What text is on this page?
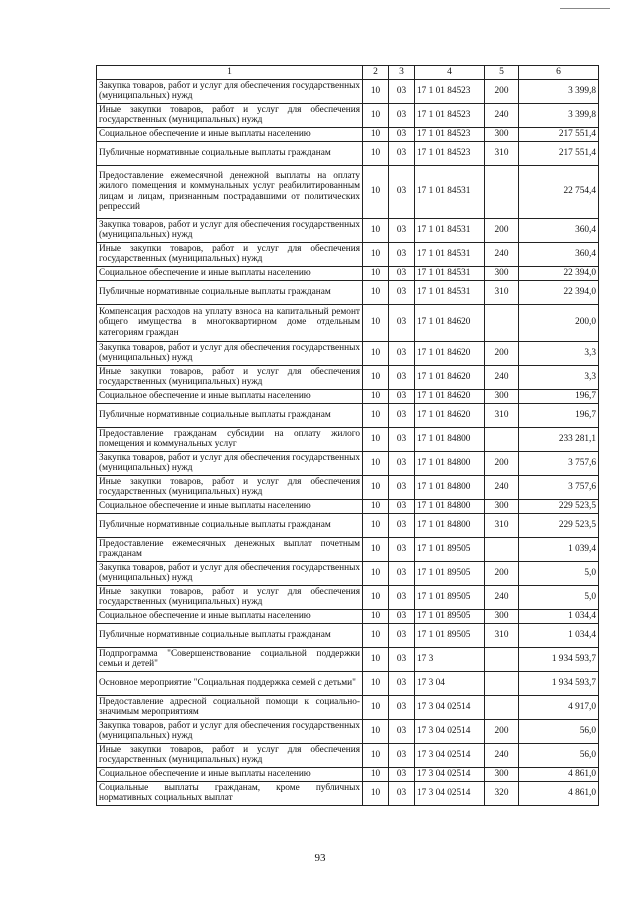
1	2	3	4	5	6
Закупка товаров, работ и услуг для обеспечения государственных (муниципальных) нужд	10	03	17 1 01 84523	200	3 399,8
Иные закупки товаров, работ и услуг для обеспечения государственных (муниципальных) нужд	10	03	17 1 01 84523	240	3 399,8
Социальное обеспечение и иные выплаты населению	10	03	17 1 01 84523	300	217 551,4
Публичные нормативные социальные выплаты гражданам	10	03	17 1 01 84523	310	217 551,4
Предоставление ежемесячной денежной выплаты на оплату жилого помещения и коммунальных услуг реабилитированным лицам и лицам, признанным пострадавшими от политических репрессий	10	03	17 1 01 84531		22 754,4
Закупка товаров, работ и услуг для обеспечения государственных (муниципальных) нужд	10	03	17 1 01 84531	200	360,4
Иные закупки товаров, работ и услуг для обеспечения государственных (муниципальных) нужд	10	03	17 1 01 84531	240	360,4
Социальное обеспечение и иные выплаты населению	10	03	17 1 01 84531	300	22 394,0
Публичные нормативные социальные выплаты гражданам	10	03	17 1 01 84531	310	22 394,0
Компенсация расходов на уплату взноса на капитальный ремонт общего имущества в многоквартирном доме отдельным категориям граждан	10	03	17 1 01 84620		200,0
Закупка товаров, работ и услуг для обеспечения государственных (муниципальных) нужд	10	03	17 1 01 84620	200	3,3
Иные закупки товаров, работ и услуг для обеспечения государственных (муниципальных) нужд	10	03	17 1 01 84620	240	3,3
Социальное обеспечение и иные выплаты населению	10	03	17 1 01 84620	300	196,7
Публичные нормативные социальные выплаты гражданам	10	03	17 1 01 84620	310	196,7
Предоставление гражданам субсидии на оплату жилого помещения и коммунальных услуг	10	03	17 1 01 84800		233 281,1
Закупка товаров, работ и услуг для обеспечения государственных (муниципальных) нужд	10	03	17 1 01 84800	200	3 757,6
Иные закупки товаров, работ и услуг для обеспечения государственных (муниципальных) нужд	10	03	17 1 01 84800	240	3 757,6
Социальное обеспечение и иные выплаты населению	10	03	17 1 01 84800	300	229 523,5
Публичные нормативные социальные выплаты гражданам	10	03	17 1 01 84800	310	229 523,5
Предоставление ежемесячных денежных выплат почетным гражданам	10	03	17 1 01 89505		1 039,4
Закупка товаров, работ и услуг для обеспечения государственных (муниципальных) нужд	10	03	17 1 01 89505	200	5,0
Иные закупки товаров, работ и услуг для обеспечения государственных (муниципальных) нужд	10	03	17 1 01 89505	240	5,0
Социальное обеспечение и иные выплаты населению	10	03	17 1 01 89505	300	1 034,4
Публичные нормативные социальные выплаты гражданам	10	03	17 1 01 89505	310	1 034,4
Подпрограмма "Совершенствование социальной поддержки семьи и детей"	10	03	17 3		1 934 593,7
Основное мероприятие "Социальная поддержка семей с детьми"	10	03	17 3 04		1 934 593,7
Предоставление адресной социальной помощи к социально-значимым мероприятиям	10	03	17 3 04 02514		4 917,0
Закупка товаров, работ и услуг для обеспечения государственных (муниципальных) нужд	10	03	17 3 04 02514	200	56,0
Иные закупки товаров, работ и услуг для обеспечения государственных (муниципальных) нужд	10	03	17 3 04 02514	240	56,0
Социальное обеспечение и иные выплаты населению	10	03	17 3 04 02514	300	4 861,0
Социальные выплаты гражданам, кроме публичных нормативных социальных выплат	10	03	17 3 04 02514	320	4 861,0
93
